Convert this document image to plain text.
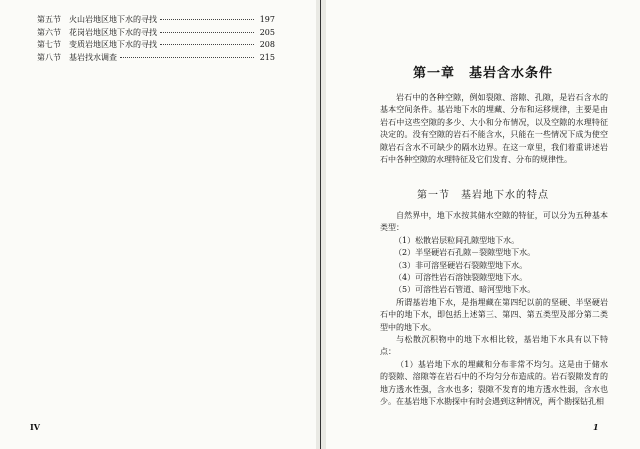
第五节	火山岩地区地下水的寻找	197
第六节	花岗岩地区地下水的寻找	205
第七节	变质岩地区地下水的寻找	208
第八节	基岩找水调查	215
IV
第一章　基岩含水条件

岩石中的各种空隙，例如裂隙、溶隙、孔隙，是岩石含水的基本空间条件。基岩地下水的埋藏、分布和运移规律，主要是由岩石中这些空隙的多少、大小和分布情况，以及空隙的水理特征决定的。没有空隙的岩石不能含水，只能在一些情况下成为使空隙岩石含水不可缺少的隔水边界。在这一章里，我们着重讲述岩石中各种空隙的水理特征及它们发育、分布的规律性。

第一节　基岩地下水的特点

自然界中，地下水按其储水空隙的特征，可以分为五种基本类型：

（1）松散岩层粒间孔隙型地下水。
（2）半坚硬岩石孔隙－裂隙型地下水。
（3）非可溶坚硬岩石裂隙型地下水。
（4）可溶性岩石溶蚀裂隙型地下水。
（5）可溶性岩石管道、暗河型地下水。

所谓基岩地下水，是指埋藏在第四纪以前的坚硬、半坚硬岩石中的地下水，即包括上述第三、第四、第五类型及部分第二类型中的地下水。

与松散沉积物中的地下水相比较，基岩地下水具有以下特点：

（1）基岩地下水的埋藏和分布非常不均匀。这是由于储水的裂隙、溶隙等在岩石中的不均匀分布造成的。岩石裂隙发育的地方透水性强，含水也多；裂隙不发育的地方透水性弱，含水也少。在基岩地下水勘探中有时会遇到这种情况，两个勘探钻孔相

1
